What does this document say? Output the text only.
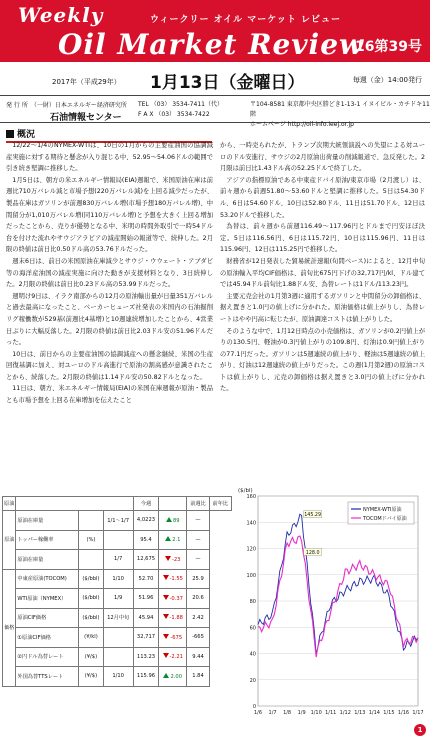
Weekly	ウィークリー オイル マーケット レビュー
Oil Market Review
16第39号
2017年（平成29年） 1月13日（金曜日）	毎週（金）14:00発行
発 行 所　 （一財）日本エネルギー経済研究所
石油情報センター
TEL （03） 3534-7411（代）
F A X （03） 3534-7422
〒104-8581 東京都中央区勝どき1-13-1 イヌイビル・カチドキ11階
ホームページ http://oil-info.ieej.or.jp
概況

12/22～1/4のNYMEX-WTIは、10日の1月からの主要産油国の協調減産実施に対する期待と懸念が入り混じる中、52.95～54.06ドルの範囲で引き続き堅調に推移した。

1月5日は、朝方の米エネルギー情報局(EIA)週報で、米国原油在庫は前週比710万バレル減と市場予想(220万バレル減)を上回る減少だったが、製品在庫はガソリンが前週830万バレル増(市場予想180万バレル増)、中間留分が1,010万バレル増(同110万バレル増)と予想を大きく上回る増加だったことから、売りが優勢となる中、米明の時間外取引で一時54ドル台を付けた流れやサウジアラビアの減産開始の報道等で、続伸した。2月限の終値は前日比0.50ドル高の53.76ドルだった。

週末6日は、前日の米国原油在庫減少とサウジ・ウウェート・アブダビ等の海洋産油国の減産実施に向けた動きが支援材料となり、3日続伸した。2月限の終値は前日比0.23ドル高の53.99ドルだった。

週明け9日は、イラク南部からの12月の原油輸出量が日量351万バレルと過去最高になったこと、ベーカーヒューズ社発表の米国内の石油掘削リグ稼働数が529基(前週比4基増)と10週連続増加したことから、4営業日ぶりに大幅反落した。2月限の終値は前日比2.03ドル安の51.96ドルだった。

10日は、前日からの主要産油国の協調減産への懸念継続、米国の生産回復基調に加え、対ユーロのドル高進行で原油の割高感が意識されたことから、続落した。2月限の終値は1.14ドル安の50.82ドルとなった。

11日は、朝方、米エネルギー情報局(EIA)の米国在庫週報が原油・製品とも市場予想を上回る在庫増加を伝えたこと

から、一時売られたが、トランプ次期大統領演説への失望による対ユーロのドル安進行、サウジの2月原油出荷量の削減報道で、急反発した。2月限は前日比1.43ドル高の52.25ドルで終了した。

アジアの指標原油である中東産ドバイ原油/東京市場（2月渡し）は、前々週から前週51.80～53.60ドルと堅調に推移した。5日は54.30ドル、6日は54.60ドル、10日は52.80ドル、11日は51.70ドル、12日は53.20ドルで推移した。

為替は、前々週から前週116.49～117.96円とドルまで円安ほぼ決定。5日は116.56円、6日は115.72円、10日は115.96円、11日は115.96円、12日は115.25円で推移した。

財務省が12日発表した貿易統計速報(旬間ベース)によると、12月中旬の原油輸入平均CIF価格は、前旬比675円下げの32,717円/kl、ドル建てでは45.94ドル前旬比1.88ドル安、為替レートは1ドル/113.23円。

主要元売会社の1月第3週に適用するガソリンと中間留分の卸価格は、据え置きと1.0円の値上げに分かれた。原油価格は値上がりし、為替レートはやや円高に転じたが、原油調達コストは値上がりした。

そのような中で、1月12日時点の小売価格は、ガソリンが0.2円値上がりの130.5円、軽油が0.3円値上がりの109.8円、灯油は0.9円値上がりの77.1円だった。ガソリンは5週連続の値上がり、軽油は5週連続の値上がり、灯油は12週連続の値上がりだった。この週(1月第2週)の原油コストは値上がりし、元売の卸価格は据え置きと3.0円の値上げに分かれた。

原油				今週		前週比	前年比
原油	原油在庫量		1/1～1/7	4,0223	89	—	
	トッパー稼働率	(%)		95.4	2.1	—	
	原油在庫量		1/7	12,675	-23	—	
価格	中東産原油(TOCOM)	($/bbl)	1/10	52.70	-1.55	25.9	
	WTI原油（NYMEX）	($/bbl)	1/9	51.96	-0.37	20.6	
	原油CIF価格	($/bbl)	12月中旬	45.94	-1.88	2.42	
	①原油CIF価格	(¥/kl)		32,717	-675	-665	
	②円ドル為替レート	(¥/$)		113.23	-2.21	9.44	
	外国為替TTSレート	(¥/$)	1/10	115.96	2.00	1.84	
0
20
40
60
80
100
120
140
160
($/bl)
1/6 1/7 1/8 1/9 1/10 1/11 1/12 1/13 1/14 1/15 1/16 1/17
145.29
128.0
NYMEX-WTI原油
TOCOMドバイ原油
1
